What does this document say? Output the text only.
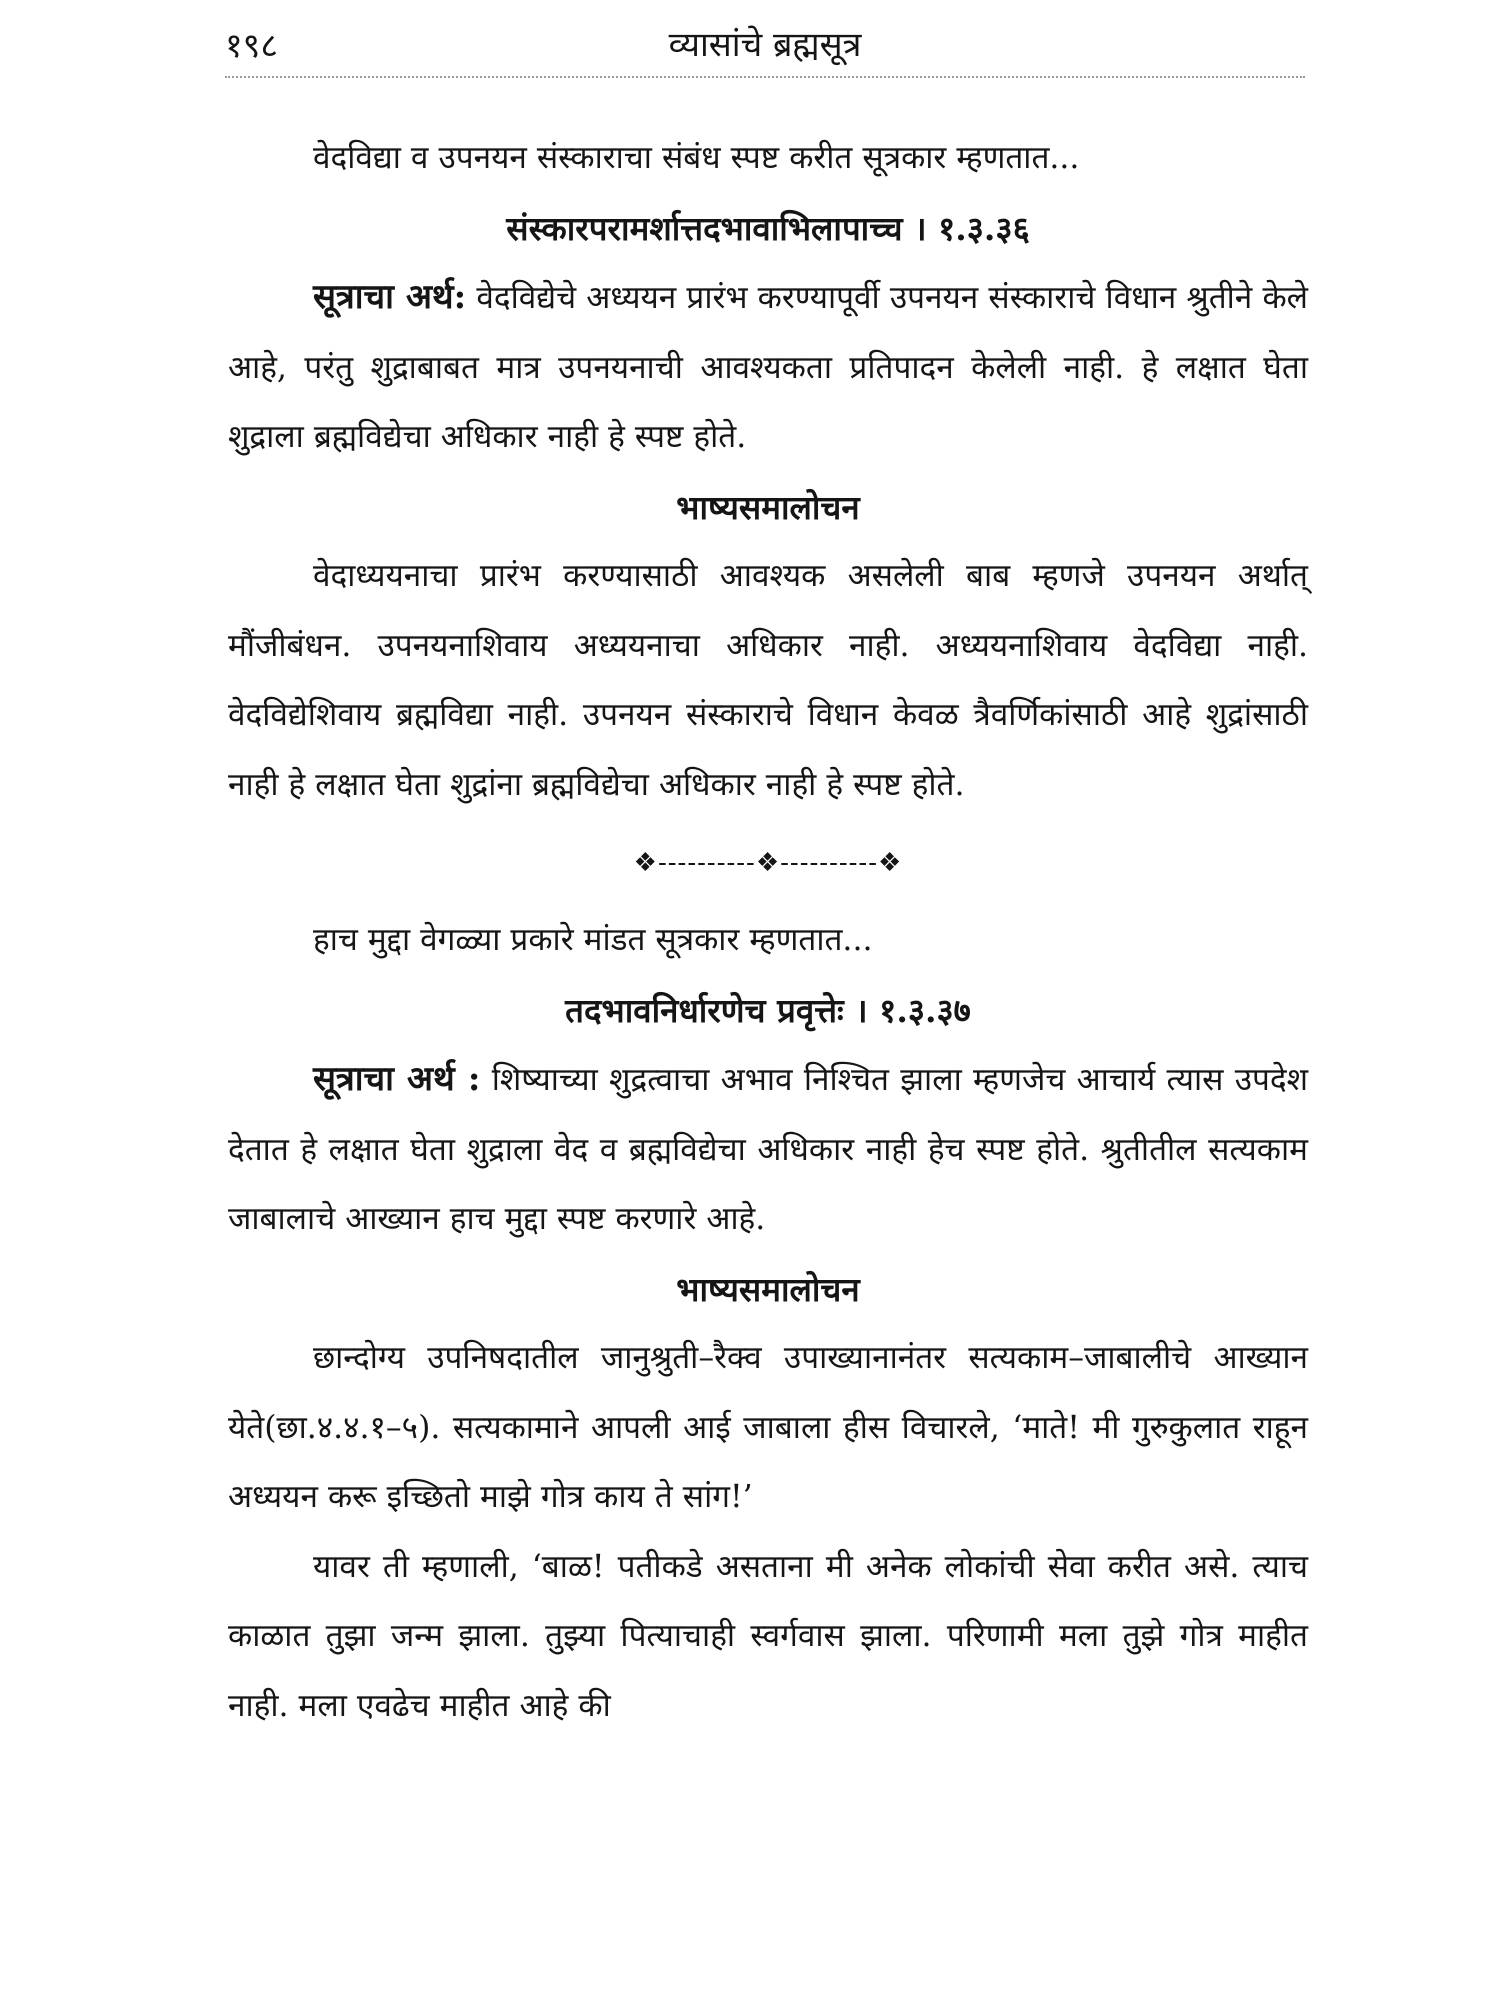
१९८	व्यासांचे ब्रह्मसूत्र

वेदविद्या व उपनयन संस्काराचा संबंध स्पष्ट करीत सूत्रकार म्हणतात...

संस्कारपरामर्शात्तदभावाभिलापाच्च । १.३.३६

सूत्राचा अर्थ: वेदविद्येचे अध्ययन प्रारंभ करण्यापूर्वी उपनयन संस्काराचे विधान श्रुतीने केले आहे, परंतु शुद्राबाबत मात्र उपनयनाची आवश्यकता प्रतिपादन केलेली नाही. हे लक्षात घेता शुद्राला ब्रह्मविद्येचा अधिकार नाही हे स्पष्ट होते.

भाष्यसमालोचन

वेदाध्ययनाचा प्रारंभ करण्यासाठी आवश्यक असलेली बाब म्हणजे उपनयन अर्थात् मौंजीबंधन. उपनयनाशिवाय अध्ययनाचा अधिकार नाही. अध्ययनाशिवाय वेदविद्या नाही. वेदविद्येशिवाय ब्रह्मविद्या नाही. उपनयन संस्काराचे विधान केवळ त्रैवर्णिकांसाठी आहे शुद्रांसाठी नाही हे लक्षात घेता शुद्रांना ब्रह्मविद्येचा अधिकार नाही हे स्पष्ट होते.

❖----------❖----------❖

हाच मुद्दा वेगळ्या प्रकारे मांडत सूत्रकार म्हणतात...

तदभावनिर्धारणेच प्रवृत्तेः । १.३.३७

सूत्राचा अर्थ : शिष्याच्या शुद्रत्वाचा अभाव निश्चित झाला म्हणजेच आचार्य त्यास उपदेश देतात हे लक्षात घेता शुद्राला वेद व ब्रह्मविद्येचा अधिकार नाही हेच स्पष्ट होते. श्रुतीतील सत्यकाम जाबालाचे आख्यान हाच मुद्दा स्पष्ट करणारे आहे.

भाष्यसमालोचन

छान्दोग्य उपनिषदातील जानुश्रुती–रैक्व उपाख्यानानंतर सत्यकाम–जाबालीचे आख्यान येते(छा.४.४.१–५). सत्यकामाने आपली आई जाबाला हीस विचारले, ‘माते! मी गुरुकुलात राहून अध्ययन करू इच्छितो माझे गोत्र काय ते सांग!’

यावर ती म्हणाली, ‘बाळ! पतीकडे असताना मी अनेक लोकांची सेवा करीत असे. त्याच काळात तुझा जन्म झाला. तुझ्या पित्याचाही स्वर्गवास झाला. परिणामी मला तुझे गोत्र माहीत नाही. मला एवढेच माहीत आहे की
